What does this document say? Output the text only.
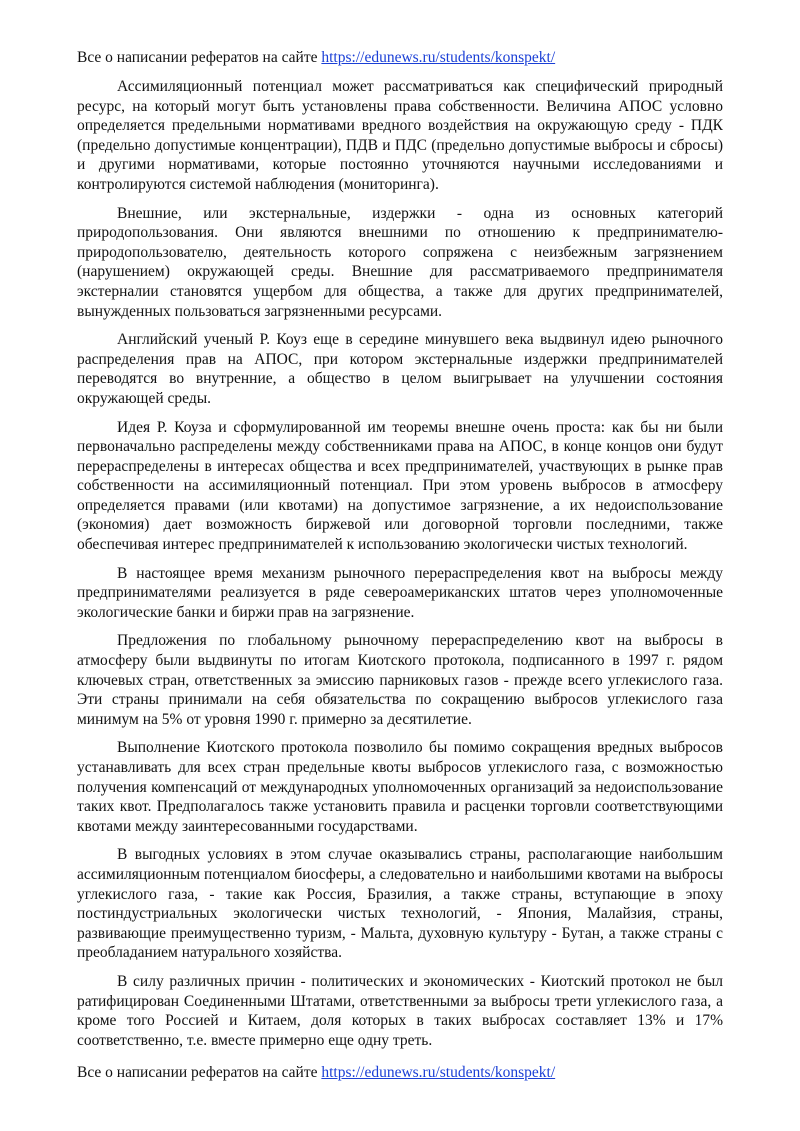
Все о написании рефератов на сайте https://edunews.ru/students/konspekt/

Ассимиляционный потенциал может рассматриваться как специфический природный ресурс, на который могут быть установлены права собственности. Величина АПОС условно определяется предельными нормативами вредного воздействия на окружающую среду - ПДК (предельно допустимые концентрации), ПДВ и ПДС (предельно допустимые выбросы и сбросы) и другими нормативами, которые постоянно уточняются научными исследованиями и контролируются системой наблюдения (мониторинга).

Внешние, или экстернальные, издержки - одна из основных категорий природопользования. Они являются внешними по отношению к предпринимателю-природопользователю, деятельность которого сопряжена с неизбежным загрязнением (нарушением) окружающей среды. Внешние для рассматриваемого предпринимателя экстерналии становятся ущербом для общества, а также для других предпринимателей, вынужденных пользоваться загрязненными ресурсами.

Английский ученый Р. Коуз еще в середине минувшего века выдвинул идею рыночного распределения прав на АПОС, при котором экстернальные издержки предпринимателей переводятся во внутренние, а общество в целом выигрывает на улучшении состояния окружающей среды.

Идея Р. Коуза и сформулированной им теоремы внешне очень проста: как бы ни были первоначально распределены между собственниками права на АПОС, в конце концов они будут перераспределены в интересах общества и всех предпринимателей, участвующих в рынке прав собственности на ассимиляционный потенциал. При этом уровень выбросов в атмосферу определяется правами (или квотами) на допустимое загрязнение, а их недоиспользование (экономия) дает возможность биржевой или договорной торговли последними, также обеспечивая интерес предпринимателей к использованию экологически чистых технологий.

В настоящее время механизм рыночного перераспределения квот на выбросы между предпринимателями реализуется в ряде североамериканских штатов через уполномоченные экологические банки и биржи прав на загрязнение.

Предложения по глобальному рыночному перераспределению квот на выбросы в атмосферу были выдвинуты по итогам Киотского протокола, подписанного в 1997 г. рядом ключевых стран, ответственных за эмиссию парниковых газов - прежде всего углекислого газа. Эти страны принимали на себя обязательства по сокращению выбросов углекислого газа минимум на 5% от уровня 1990 г. примерно за десятилетие.

Выполнение Киотского протокола позволило бы помимо сокращения вредных выбросов устанавливать для всех стран предельные квоты выбросов углекислого газа, с возможностью получения компенсаций от международных уполномоченных организаций за недоиспользование таких квот. Предполагалось также установить правила и расценки торговли соответствующими квотами между заинтересованными государствами.

В выгодных условиях в этом случае оказывались страны, располагающие наибольшим ассимиляционным потенциалом биосферы, а следовательно и наибольшими квотами на выбросы углекислого газа, - такие как Россия, Бразилия, а также страны, вступающие в эпоху постиндустриальных экологически чистых технологий, - Япония, Малайзия, страны, развивающие преимущественно туризм, - Мальта, духовную культуру - Бутан, а также страны с преобладанием натурального хозяйства.

В силу различных причин - политических и экономических - Киотский протокол не был ратифицирован Соединенными Штатами, ответственными за выбросы трети углекислого газа, а кроме того Россией и Китаем, доля которых в таких выбросах составляет 13% и 17% соответственно, т.е. вместе примерно еще одну треть.

Все о написании рефератов на сайте https://edunews.ru/students/konspekt/
